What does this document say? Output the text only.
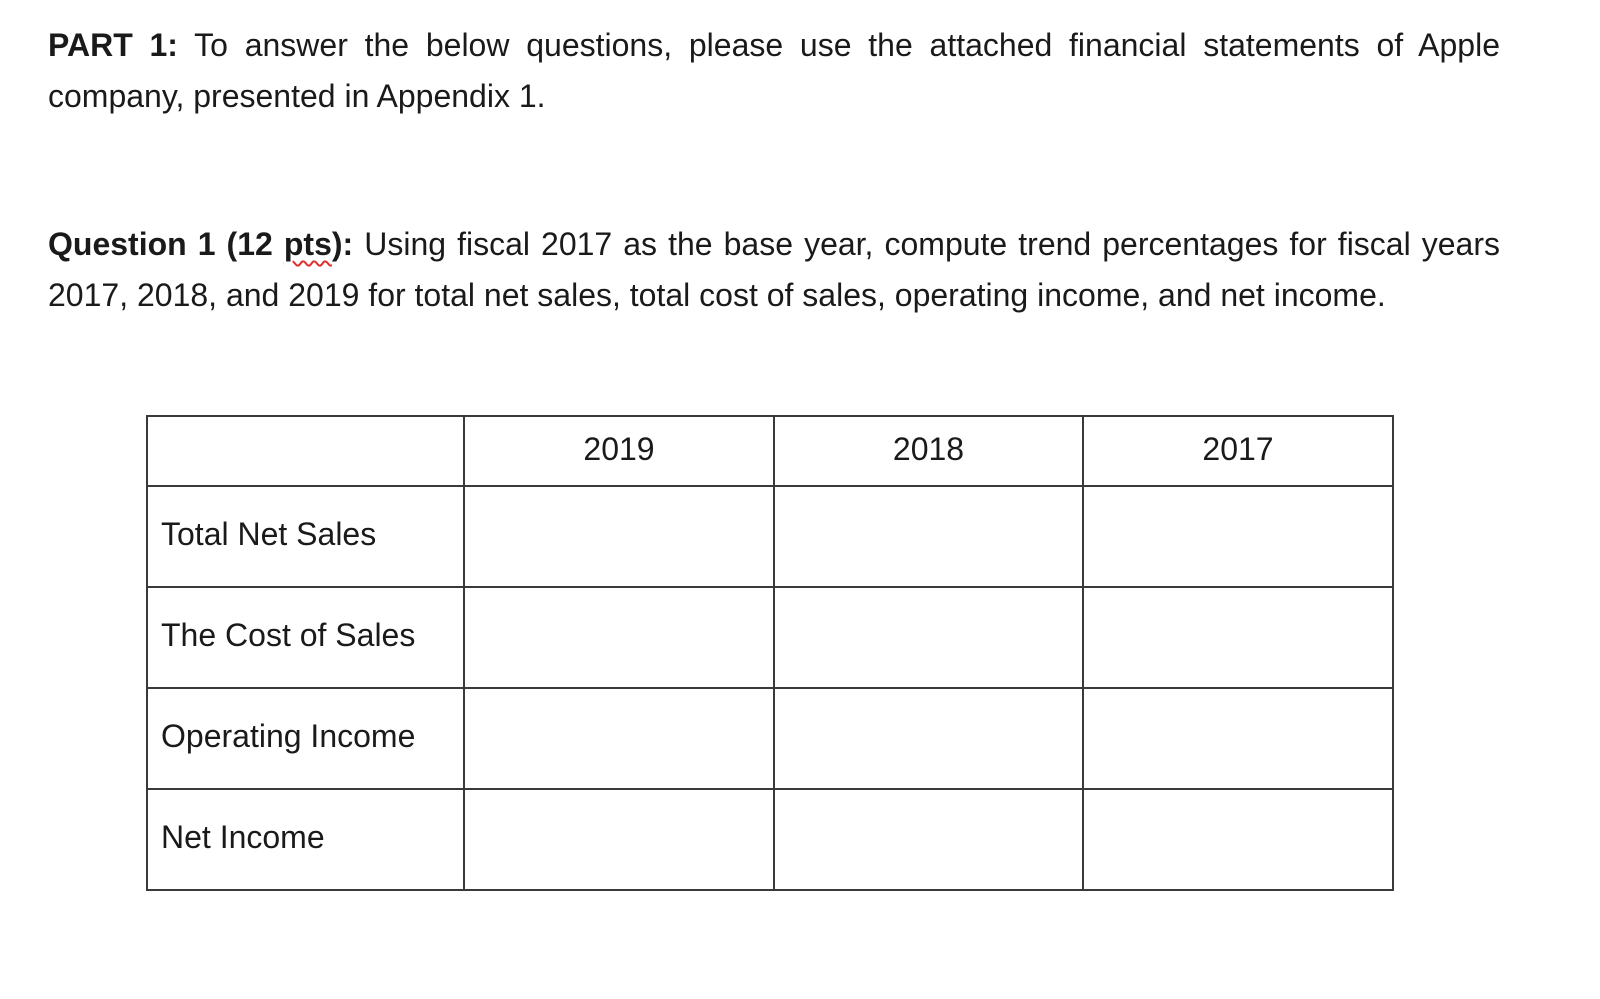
PART 1: To answer the below questions, please use the attached financial statements of Apple company, presented in Appendix 1.

Question 1 (12 pts): Using fiscal 2017 as the base year, compute trend percentages for fiscal years 2017, 2018, and 2019 for total net sales, total cost of sales, operating income, and net income.

	2019	2018	2017
Total Net Sales			
The Cost of Sales			
Operating Income			
Net Income			
